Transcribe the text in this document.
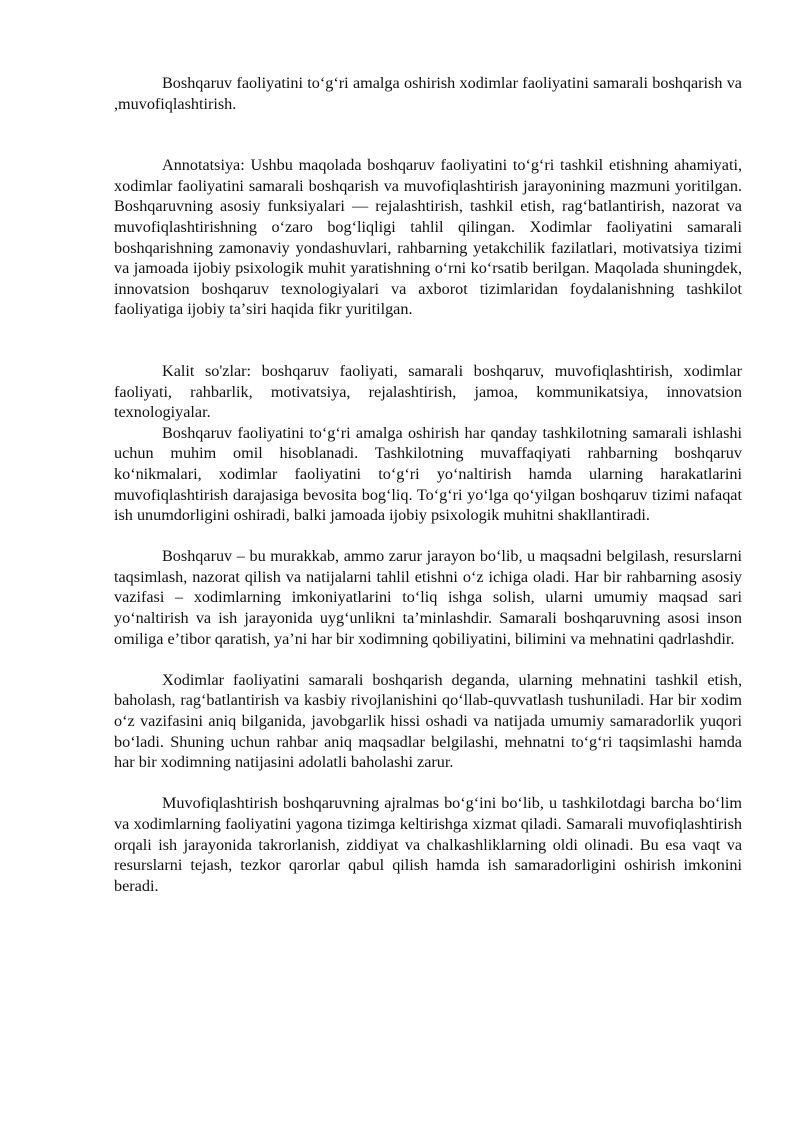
Boshqaruv faoliyatini toʻgʻri amalga oshirish xodimlar faoliyatini samarali boshqarish va ,muvofiqlashtirish.

Annotatsiya: Ushbu maqolada boshqaruv faoliyatini toʻgʻri tashkil etishning ahamiyati, xodimlar faoliyatini samarali boshqarish va muvofiqlashtirish jarayonining mazmuni yoritilgan. Boshqaruvning asosiy funksiyalari — rejalashtirish, tashkil etish, ragʻbatlantirish, nazorat va muvofiqlashtirishning oʻzaro bogʻliqligi tahlil qilingan. Xodimlar faoliyatini samarali boshqarishning zamonaviy yondashuvlari, rahbarning yetakchilik fazilatlari, motivatsiya tizimi va jamoada ijobiy psixologik muhit yaratishning oʻrni koʻrsatib berilgan. Maqolada shuningdek, innovatsion boshqaruv texnologiyalari va axborot tizimlaridan foydalanishning tashkilot faoliyatiga ijobiy taʼsiri haqida fikr yuritilgan.

Kalit so'zlar: boshqaruv faoliyati, samarali boshqaruv, muvofiqlashtirish, xodimlar faoliyati, rahbarlik, motivatsiya, rejalashtirish, jamoa, kommunikatsiya, innovatsion texnologiyalar.

Boshqaruv faoliyatini toʻgʻri amalga oshirish har qanday tashkilotning samarali ishlashi uchun muhim omil hisoblanadi. Tashkilotning muvaffaqiyati rahbarning boshqaruv koʻnikmalari, xodimlar faoliyatini toʻgʻri yoʻnaltirish hamda ularning harakatlarini muvofiqlashtirish darajasiga bevosita bogʻliq. Toʻgʻri yoʻlga qoʻyilgan boshqaruv tizimi nafaqat ish unumdorligini oshiradi, balki jamoada ijobiy psixologik muhitni shakllantiradi.

Boshqaruv – bu murakkab, ammo zarur jarayon boʻlib, u maqsadni belgilash, resurslarni taqsimlash, nazorat qilish va natijalarni tahlil etishni oʻz ichiga oladi. Har bir rahbarning asosiy vazifasi – xodimlarning imkoniyatlarini toʻliq ishga solish, ularni umumiy maqsad sari yoʻnaltirish va ish jarayonida uygʻunlikni taʼminlashdir. Samarali boshqaruvning asosi inson omiliga eʼtibor qaratish, yaʼni har bir xodimning qobiliyatini, bilimini va mehnatini qadrlashdir.

Xodimlar faoliyatini samarali boshqarish deganda, ularning mehnatini tashkil etish, baholash, ragʻbatlantirish va kasbiy rivojlanishini qoʻllab-quvvatlash tushuniladi. Har bir xodim oʻz vazifasini aniq bilganida, javobgarlik hissi oshadi va natijada umumiy samaradorlik yuqori boʻladi. Shuning uchun rahbar aniq maqsadlar belgilashi, mehnatni toʻgʻri taqsimlashi hamda har bir xodimning natijasini adolatli baholashi zarur.

Muvofiqlashtirish boshqaruvning ajralmas boʻgʻini boʻlib, u tashkilotdagi barcha boʻlim va xodimlarning faoliyatini yagona tizimga keltirishga xizmat qiladi. Samarali muvofiqlashtirish orqali ish jarayonida takrorlanish, ziddiyat va chalkashliklarning oldi olinadi. Bu esa vaqt va resurslarni tejash, tezkor qarorlar qabul qilish hamda ish samaradorligini oshirish imkonini beradi.
